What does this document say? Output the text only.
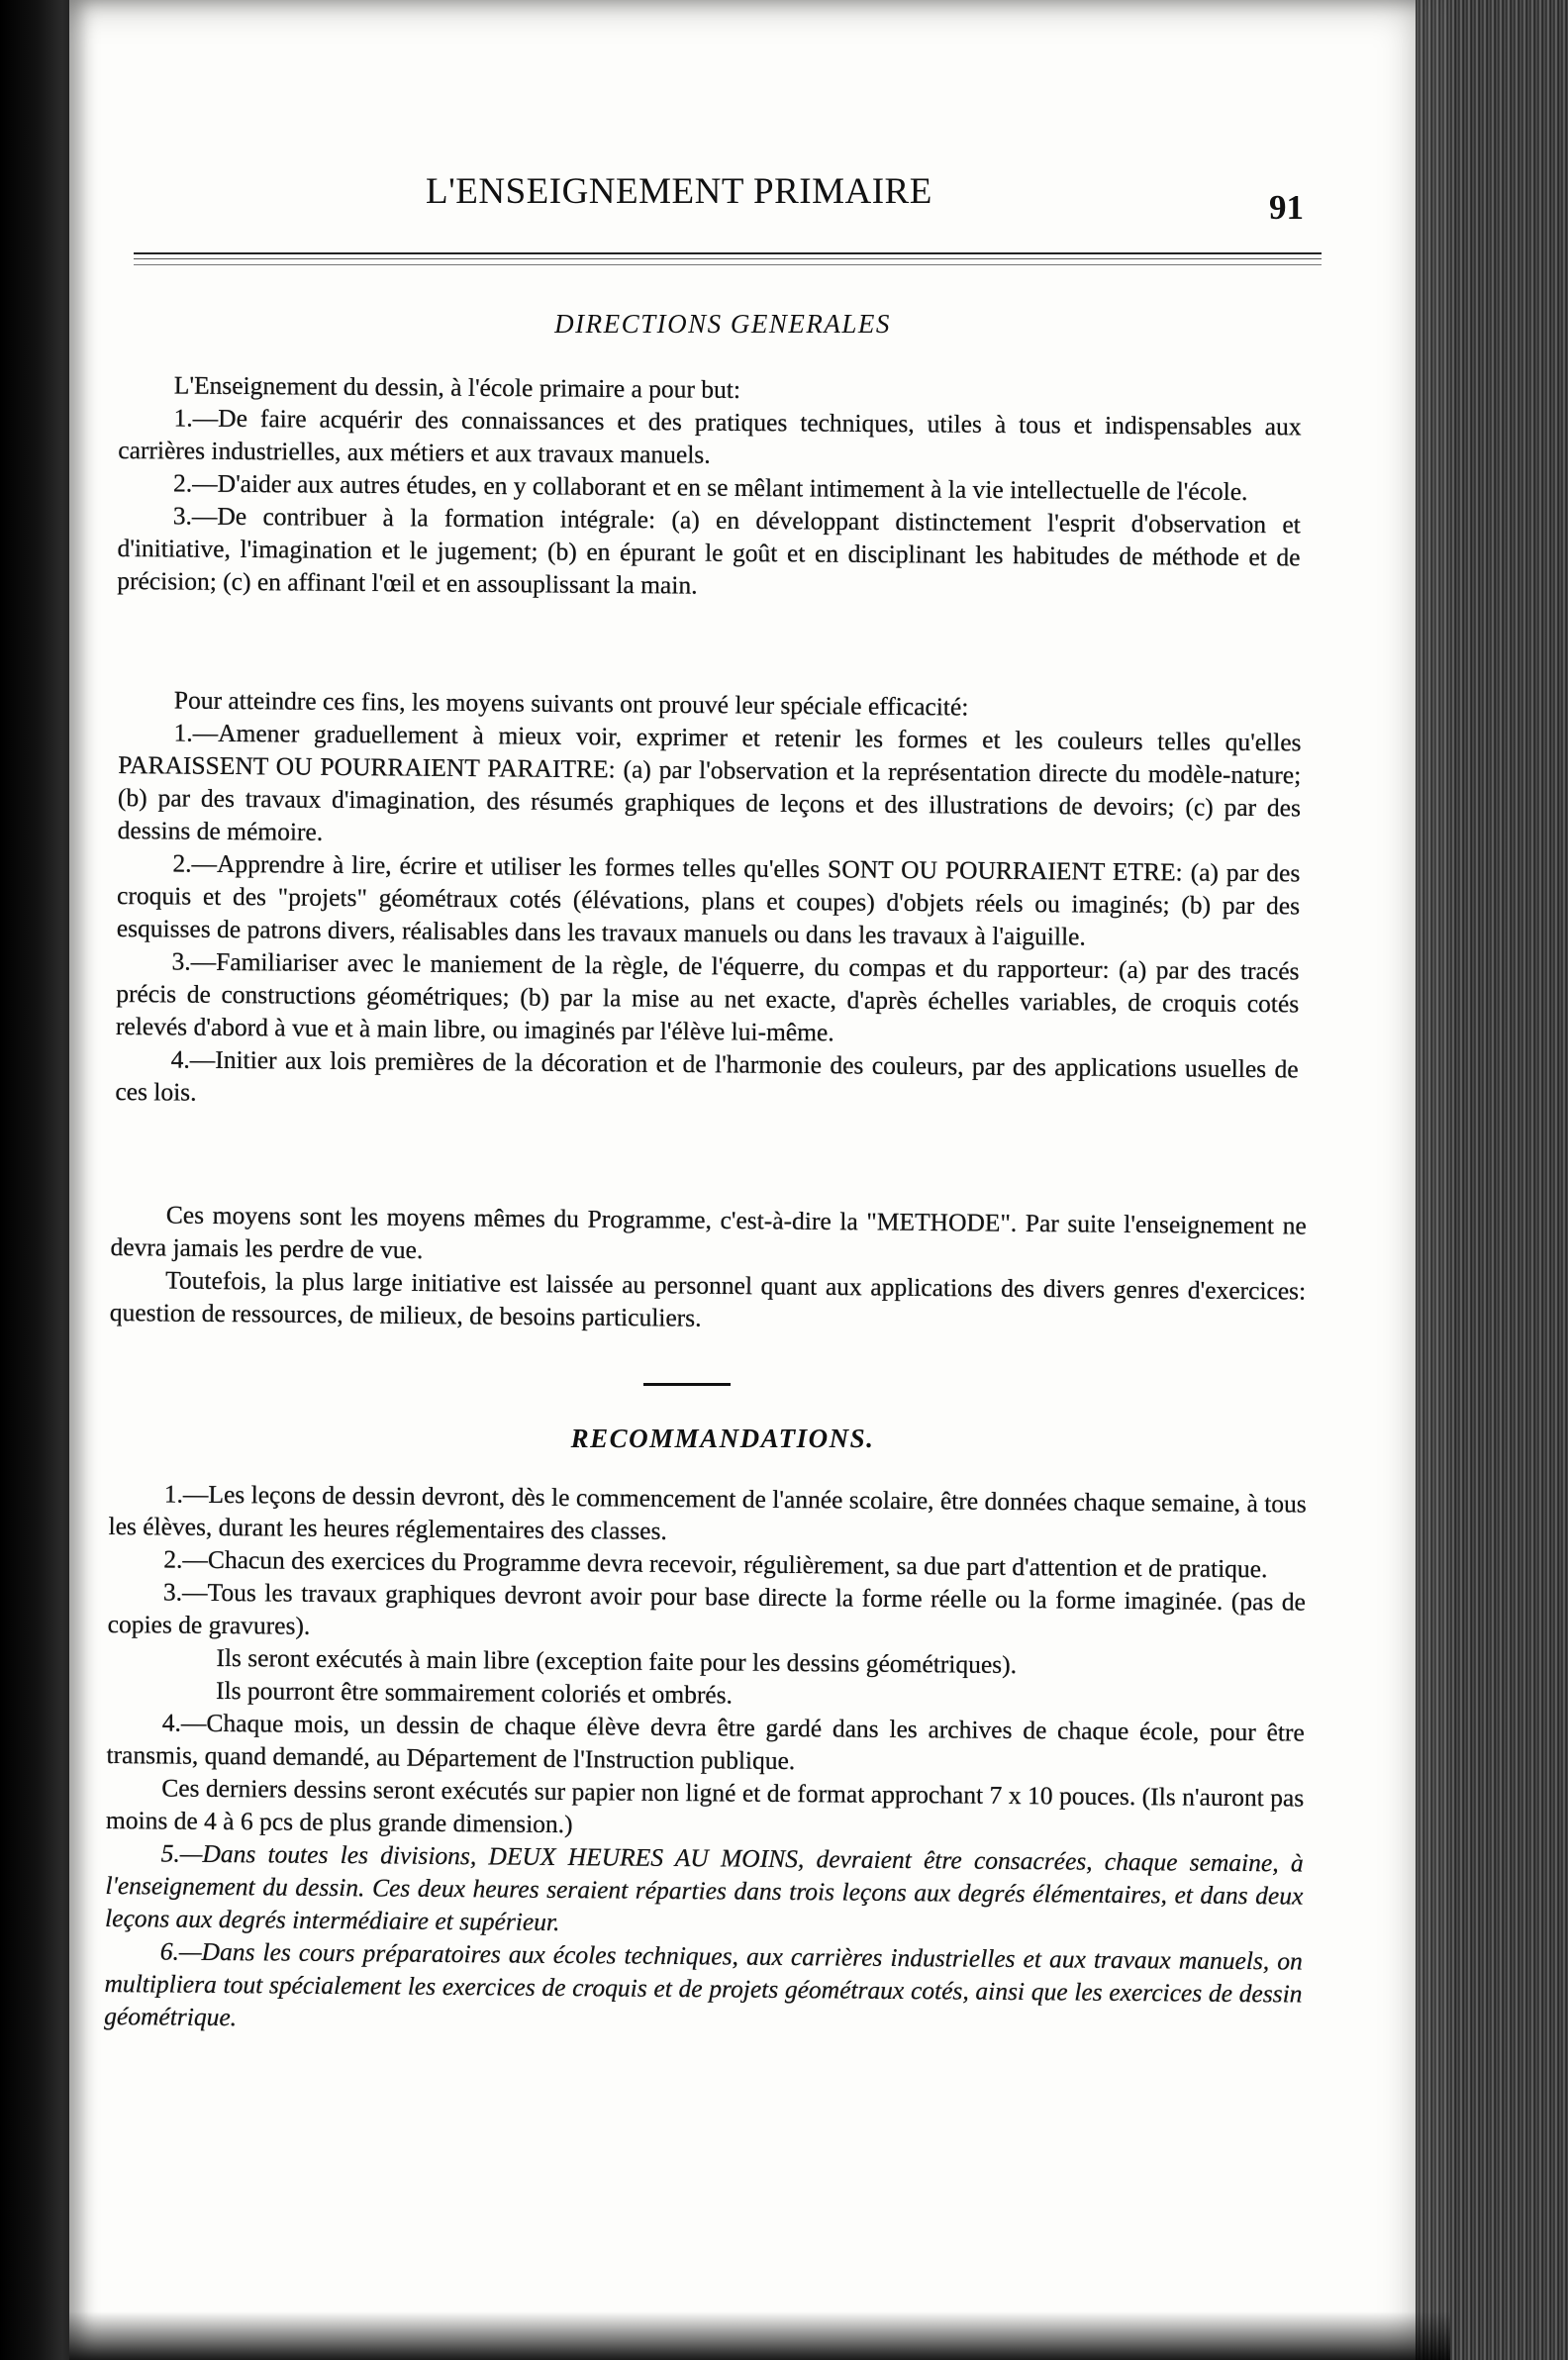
L'ENSEIGNEMENT PRIMAIRE	91
DIRECTIONS GENERALES

L'Enseignement du dessin, à l'école primaire a pour but:

1.—De faire acquérir des connaissances et des pratiques techniques, utiles à tous et indispensables aux carrières industrielles, aux métiers et aux travaux manuels.

2.—D'aider aux autres études, en y collaborant et en se mêlant intimement à la vie intellectuelle de l'école.

3.—De contribuer à la formation intégrale: (a) en développant distinctement l'esprit d'observation et d'initiative, l'imagination et le jugement; (b) en épurant le goût et en disciplinant les habitudes de méthode et de précision; (c) en affinant l'œil et en assouplissant la main.

Pour atteindre ces fins, les moyens suivants ont prouvé leur spéciale efficacité:

1.—Amener graduellement à mieux voir, exprimer et retenir les formes et les couleurs telles qu'elles PARAISSENT OU POURRAIENT PARAITRE: (a) par l'observation et la représentation directe du modèle-nature; (b) par des travaux d'imagination, des résumés graphiques de leçons et des illustrations de devoirs; (c) par des dessins de mémoire.

2.—Apprendre à lire, écrire et utiliser les formes telles qu'elles SONT OU POURRAIENT ETRE: (a) par des croquis et des "projets" géométraux cotés (élévations, plans et coupes) d'objets réels ou imaginés; (b) par des esquisses de patrons divers, réalisables dans les travaux manuels ou dans les travaux à l'aiguille.

3.—Familiariser avec le maniement de la règle, de l'équerre, du compas et du rapporteur: (a) par des tracés précis de constructions géométriques; (b) par la mise au net exacte, d'après échelles variables, de croquis cotés relevés d'abord à vue et à main libre, ou imaginés par l'élève lui-même.

4.—Initier aux lois premières de la décoration et de l'harmonie des couleurs, par des applications usuelles de ces lois.

Ces moyens sont les moyens mêmes du Programme, c'est-à-dire la "METHODE". Par suite l'enseignement ne devra jamais les perdre de vue.

Toutefois, la plus large initiative est laissée au personnel quant aux applications des divers genres d'exercices: question de ressources, de milieux, de besoins particuliers.

RECOMMANDATIONS.

1.—Les leçons de dessin devront, dès le commencement de l'année scolaire, être données chaque semaine, à tous les élèves, durant les heures réglementaires des classes.

2.—Chacun des exercices du Programme devra recevoir, régulièrement, sa due part d'attention et de pratique.

3.—Tous les travaux graphiques devront avoir pour base directe la forme réelle ou la forme imaginée. (pas de copies de gravures).

Ils seront exécutés à main libre (exception faite pour les dessins géométriques).

Ils pourront être sommairement coloriés et ombrés.

4.—Chaque mois, un dessin de chaque élève devra être gardé dans les archives de chaque école, pour être transmis, quand demandé, au Département de l'Instruction publique.

Ces derniers dessins seront exécutés sur papier non ligné et de format approchant 7 x 10 pouces. (Ils n'auront pas moins de 4 à 6 pcs de plus grande dimension.)

5.—Dans toutes les divisions, DEUX HEURES AU MOINS, devraient être consacrées, chaque semaine, à l'enseignement du dessin. Ces deux heures seraient réparties dans trois leçons aux degrés élémentaires, et dans deux leçons aux degrés intermédiaire et supérieur.

6.—Dans les cours préparatoires aux écoles techniques, aux carrières industrielles et aux travaux manuels, on multipliera tout spécialement les exercices de croquis et de projets géométraux cotés, ainsi que les exercices de dessin géométrique.
